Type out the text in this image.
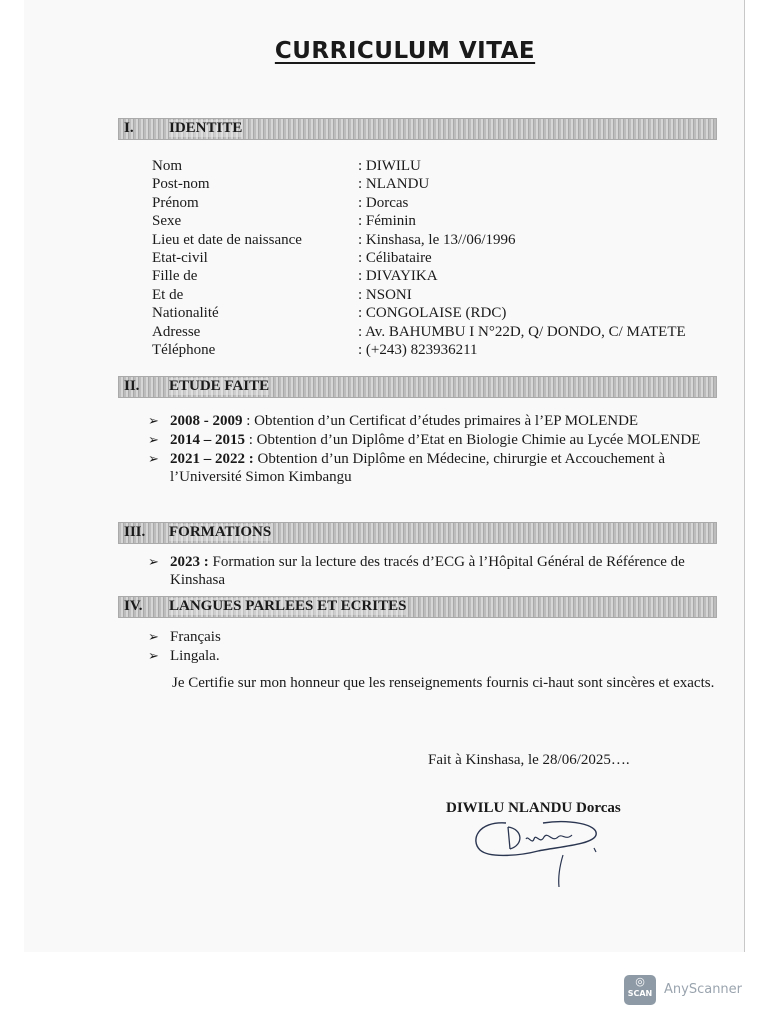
CURRICULUM VITAE
I. IDENTITE
Nom	: DIWILU
Post-nom	: NLANDU
Prénom	: Dorcas
Sexe	: Féminin
Lieu et date de naissance	: Kinshasa, le 13//06/1996
Etat-civil	: Célibataire
Fille de	: DIVAYIKA
Et de	: NSONI
Nationalité	: CONGOLAISE (RDC)
Adresse	: Av. BAHUMBU I N°22D, Q/ DONDO, C/ MATETE
Téléphone	: (+243) 823936211
II. ETUDE FAITE
➢ 2008 - 2009 : Obtention d’un Certificat d’études primaires à l’EP MOLENDE
➢ 2014 – 2015 : Obtention d’un Diplôme d’Etat en Biologie Chimie au Lycée MOLENDE
➢ 2021 – 2022 : Obtention d’un Diplôme en Médecine, chirurgie et Accouchement à l’Université Simon Kimbangu
III. FORMATIONS
➢ 2023 : Formation sur la lecture des tracés d’ECG à l’Hôpital Général de Référence de Kinshasa
IV. LANGUES PARLEES ET ECRITES
➢ Français
➢ Lingala.
Je Certifie sur mon honneur que les renseignements fournis ci-haut sont sincères et exacts.
Fait à Kinshasa, le 28/06/2025….
DIWILU NLANDU Dorcas
◎
SCAN AnyScanner
